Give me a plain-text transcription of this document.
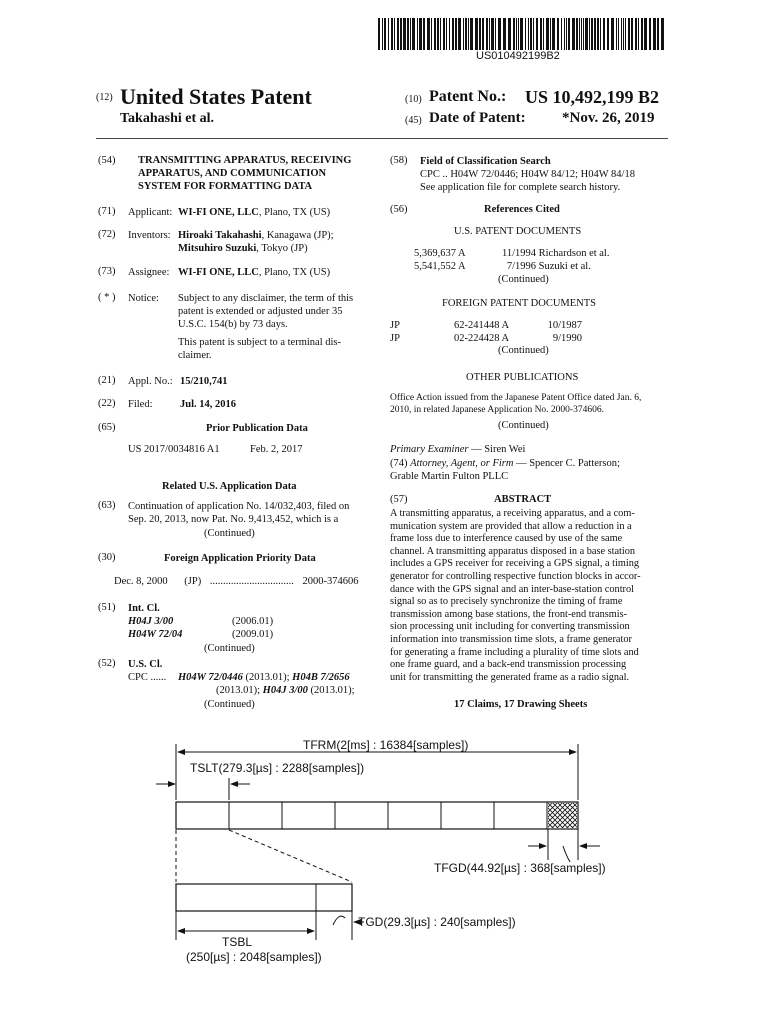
US010492199B2
(12) United States Patent
Takahashi et al.
(10) Patent No.: US 10,492,199 B2
(45) Date of Patent: *Nov. 26, 2019
(54) TRANSMITTING APPARATUS, RECEIVING
APPARATUS, AND COMMUNICATION
SYSTEM FOR FORMATTING DATA
(71) Applicant: WI-FI ONE, LLC, Plano, TX (US)
(72) Inventors: Hiroaki Takahashi, Kanagawa (JP);
Mitsuhiro Suzuki, Tokyo (JP)
(73) Assignee: WI-FI ONE, LLC, Plano, TX (US)
( * ) Notice: Subject to any disclaimer, the term of this
patent is extended or adjusted under 35
U.S.C. 154(b) by 73 days.
This patent is subject to a terminal dis-
claimer.
(21) Appl. No.: 15/210,741
(22) Filed:	Jul. 14, 2016
(65)	Prior Publication Data
US 2017/0034816 A1	Feb. 2, 2017
Related U.S. Application Data
(63) Continuation of application No. 14/032,403, filed on
Sep. 20, 2013, now Pat. No. 9,413,452, which is a
(Continued)
(30)	Foreign Application Priority Data
Dec. 8, 2000 (JP) ................................ 2000-374606
(51) Int. Cl.
H04J 3/00	(2006.01)
H04W 72/04	(2009.01)
(Continued)
(52) U.S. Cl.
CPC ...... H04W 72/0446 (2013.01); H04B 7/2656
(2013.01); H04J 3/00 (2013.01);
(Continued)
(58) Field of Classification Search
CPC .. H04W 72/0446; H04W 84/12; H04W 84/18
See application file for complete search history.
(56)	References Cited
U.S. PATENT DOCUMENTS
5,369,637 A	11/1994 Richardson et al.
5,541,552 A	7/1996 Suzuki et al.
(Continued)
FOREIGN PATENT DOCUMENTS
JP	62-241448 A	10/1987
JP	02-224428 A	9/1990
(Continued)
OTHER PUBLICATIONS
Office Action issued from the Japanese Patent Office dated Jan. 6,
2010, in related Japanese Application No. 2000-374606.
(Continued)
Primary Examiner — Siren Wei
(74) Attorney, Agent, or Firm — Spencer C. Patterson;
Grable Martin Fulton PLLC
(57)	ABSTRACT
A transmitting apparatus, a receiving apparatus, and a com-
munication system are provided that allow a reduction in a
frame loss due to interference caused by use of the same
channel. A transmitting apparatus disposed in a base station
includes a GPS receiver for receiving a GPS signal, a timing
generator for controlling respective function blocks in accor-
dance with the GPS signal and an inter-base-station control
signal so as to precisely synchronize the timing of frame
transmission among base stations, the front-end transmis-
sion processing unit including for converting transmission
information into transmission time slots, a frame generator
for generating a frame including a plurality of time slots and
one frame guard, and a back-end transmission processing
unit for transmitting the generated frame as a radio signal.
17 Claims, 17 Drawing Sheets
TFRM(2[ms] : 16384[samples])
TSLT(279.3[µs] : 2288[samples])
TFGD(44.92[µs] : 368[samples])
TGD(29.3[µs] : 240[samples])
TSBL
(250[µs] : 2048[samples])
